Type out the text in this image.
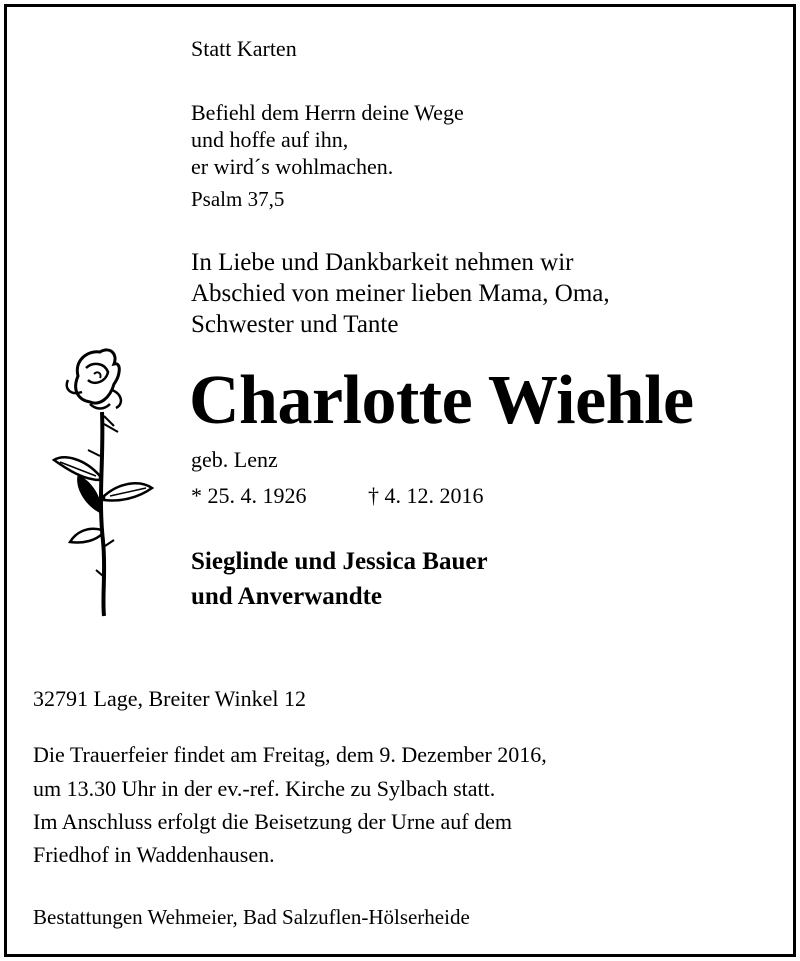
Statt Karten
Befiehl dem Herrn deine Wege
und hoffe auf ihn,
er wird´s wohlmachen.
Psalm 37,5
In Liebe und Dankbarkeit nehmen wir
Abschied von meiner lieben Mama, Oma,
Schwester und Tante
Charlotte Wiehle
geb. Lenz
* 25. 4. 1926	† 4. 12. 2016
Sieglinde und Jessica Bauer
und Anverwandte
32791 Lage, Breiter Winkel 12
Die Trauerfeier findet am Freitag, dem 9. Dezember 2016,
um 13.30 Uhr in der ev.-ref. Kirche zu Sylbach statt.
Im Anschluss erfolgt die Beisetzung der Urne auf dem
Friedhof in Waddenhausen.
Bestattungen Wehmeier, Bad Salzuflen-Hölserheide
